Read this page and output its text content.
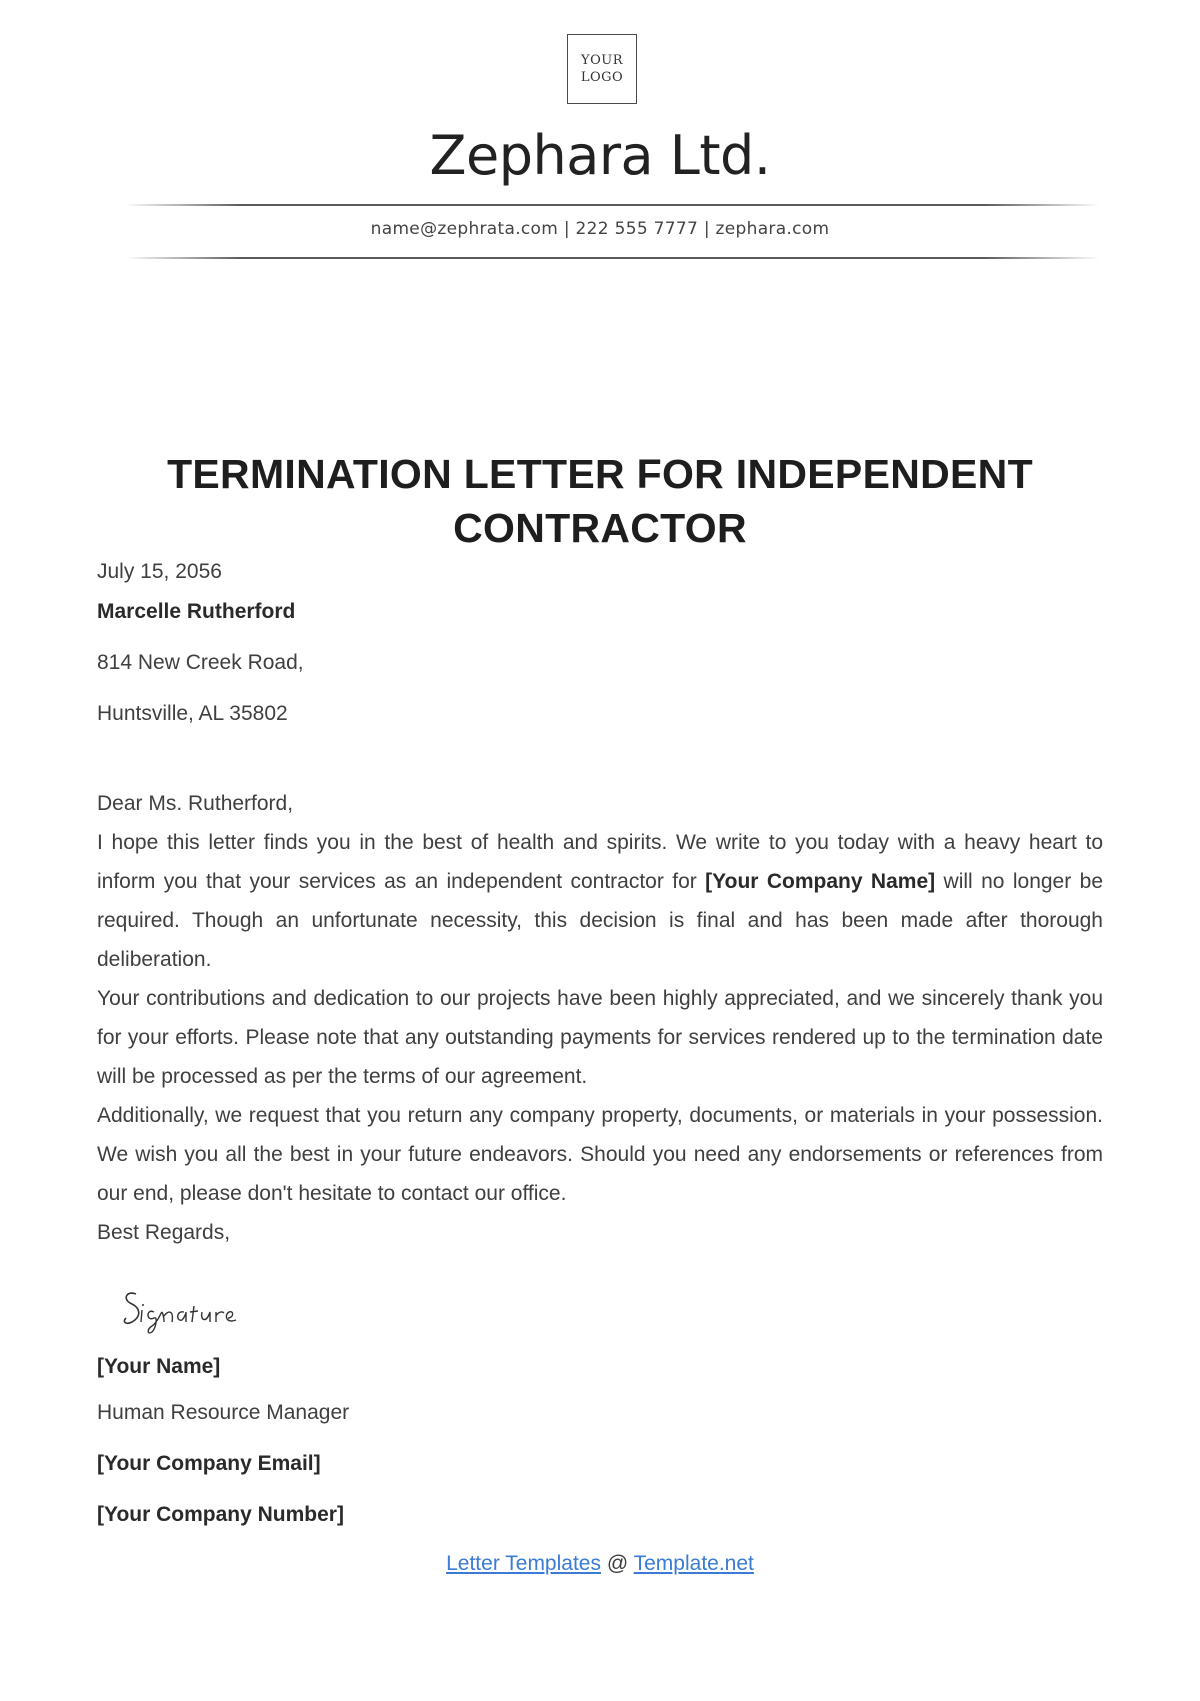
YOUR
LOGO
Zephara Ltd.
name@zephrata.com | 222 555 7777 | zephara.com
TERMINATION LETTER FOR INDEPENDENT CONTRACTOR
July 15, 2056
Marcelle Rutherford
814 New Creek Road,
Huntsville, AL 35802
Dear Ms. Rutherford,
I hope this letter finds you in the best of health and spirits. We write to you today with a heavy heart to inform you that your services as an independent contractor for [Your Company Name] will no longer be required. Though an unfortunate necessity, this decision is final and has been made after thorough deliberation.
Your contributions and dedication to our projects have been highly appreciated, and we sincerely thank you for your efforts. Please note that any outstanding payments for services rendered up to the termination date will be processed as per the terms of our agreement.
Additionally, we request that you return any company property, documents, or materials in your possession. We wish you all the best in your future endeavors. Should you need any endorsements or references from our end, please don't hesitate to contact our office.
Best Regards,
[Your Name]
Human Resource Manager
[Your Company Email]
[Your Company Number]
Letter Templates @ Template.net
